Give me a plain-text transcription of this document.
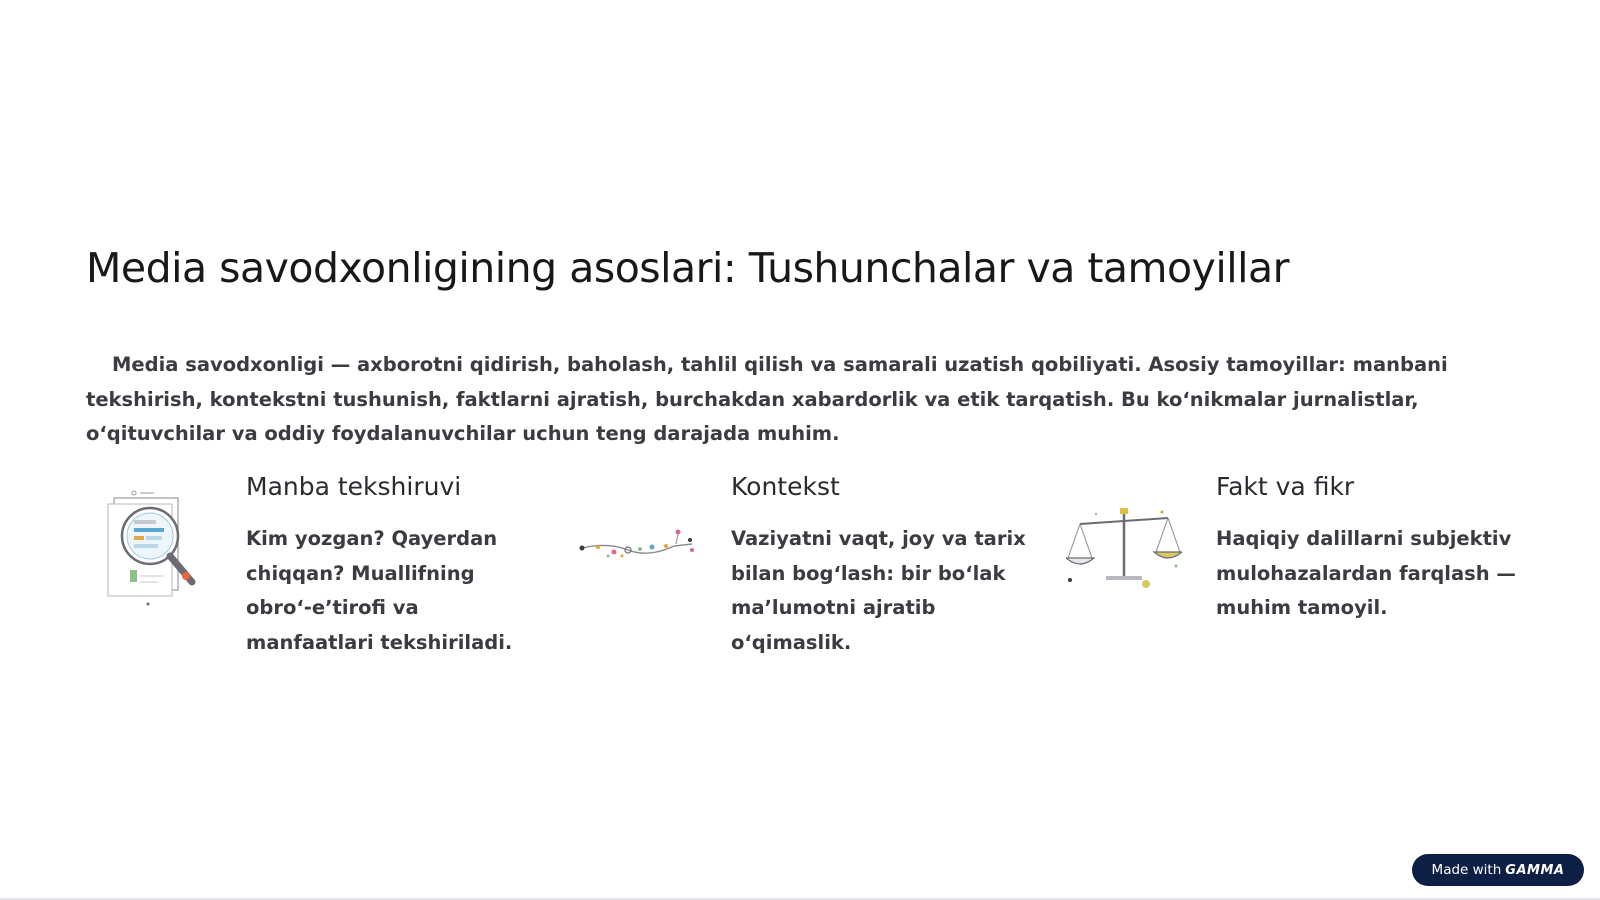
Media savodxonligining asoslari: Tushunchalar va tamoyillar

Media savodxonligi — axborotni qidirish, baholash, tahlil qilish va samarali uzatish qobiliyati. Asosiy tamoyillar: manbani tekshirish, kontekstni tushunish, faktlarni ajratish, burchakdan xabardorlik va etik tarqatish. Bu koʻnikmalar jurnalistlar, oʻqituvchilar va oddiy foydalanuvchilar uchun teng darajada muhim.

Manba tekshiruvi

Kim yozgan? Qayerdan chiqqan? Muallifning obroʻ-eʼtirofi va manfaatlari tekshiriladi.

Kontekst

Vaziyatni vaqt, joy va tarix bilan bogʻlash: bir boʻlak maʼlumotni ajratib oʻqimaslik.

Fakt va fikr

Haqiqiy dalillarni subjektiv mulohazalardan farqlash — muhim tamoyil.

Made with GAMMA
